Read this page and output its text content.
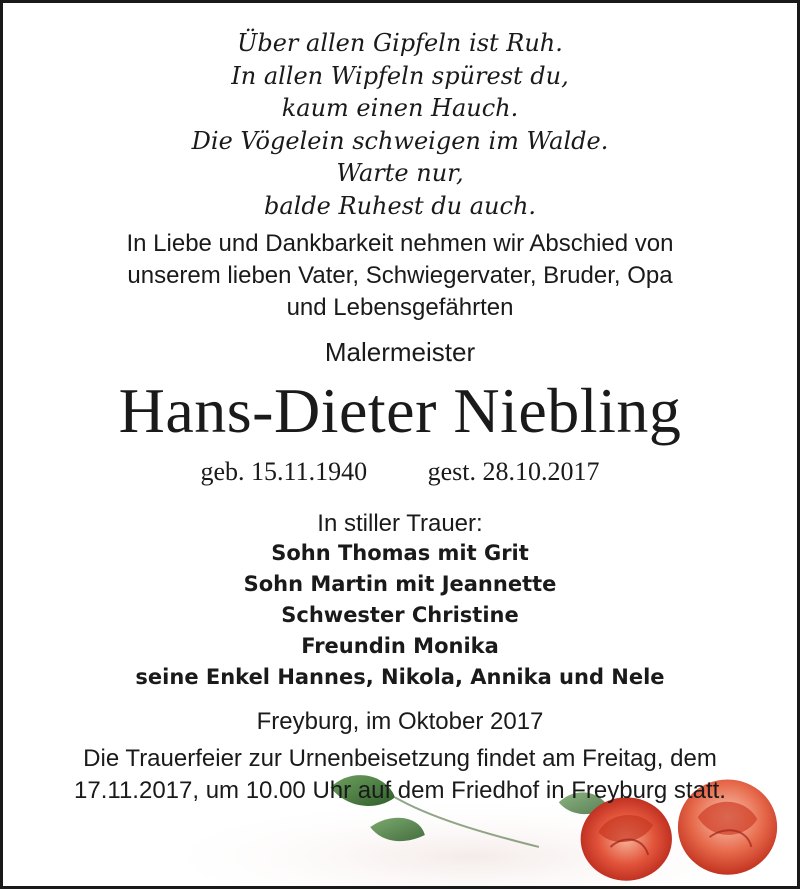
Über allen Gipfeln ist Ruh.
In allen Wipfeln spürest du,
kaum einen Hauch.
Die Vögelein schweigen im Walde.
Warte nur,
balde Ruhest du auch.
In Liebe und Dankbarkeit nehmen wir Abschied von
unserem lieben Vater, Schwiegervater, Bruder, Opa
und Lebensgefährten
Malermeister
Hans-Dieter Niebling
geb. 15.11.1940 gest. 28.10.2017
In stiller Trauer:
Sohn Thomas mit Grit
Sohn Martin mit Jeannette
Schwester Christine
Freundin Monika
seine Enkel Hannes, Nikola, Annika und Nele
Freyburg, im Oktober 2017
Die Trauerfeier zur Urnenbeisetzung findet am Freitag, dem
17.11.2017, um 10.00 Uhr auf dem Friedhof in Freyburg statt.
